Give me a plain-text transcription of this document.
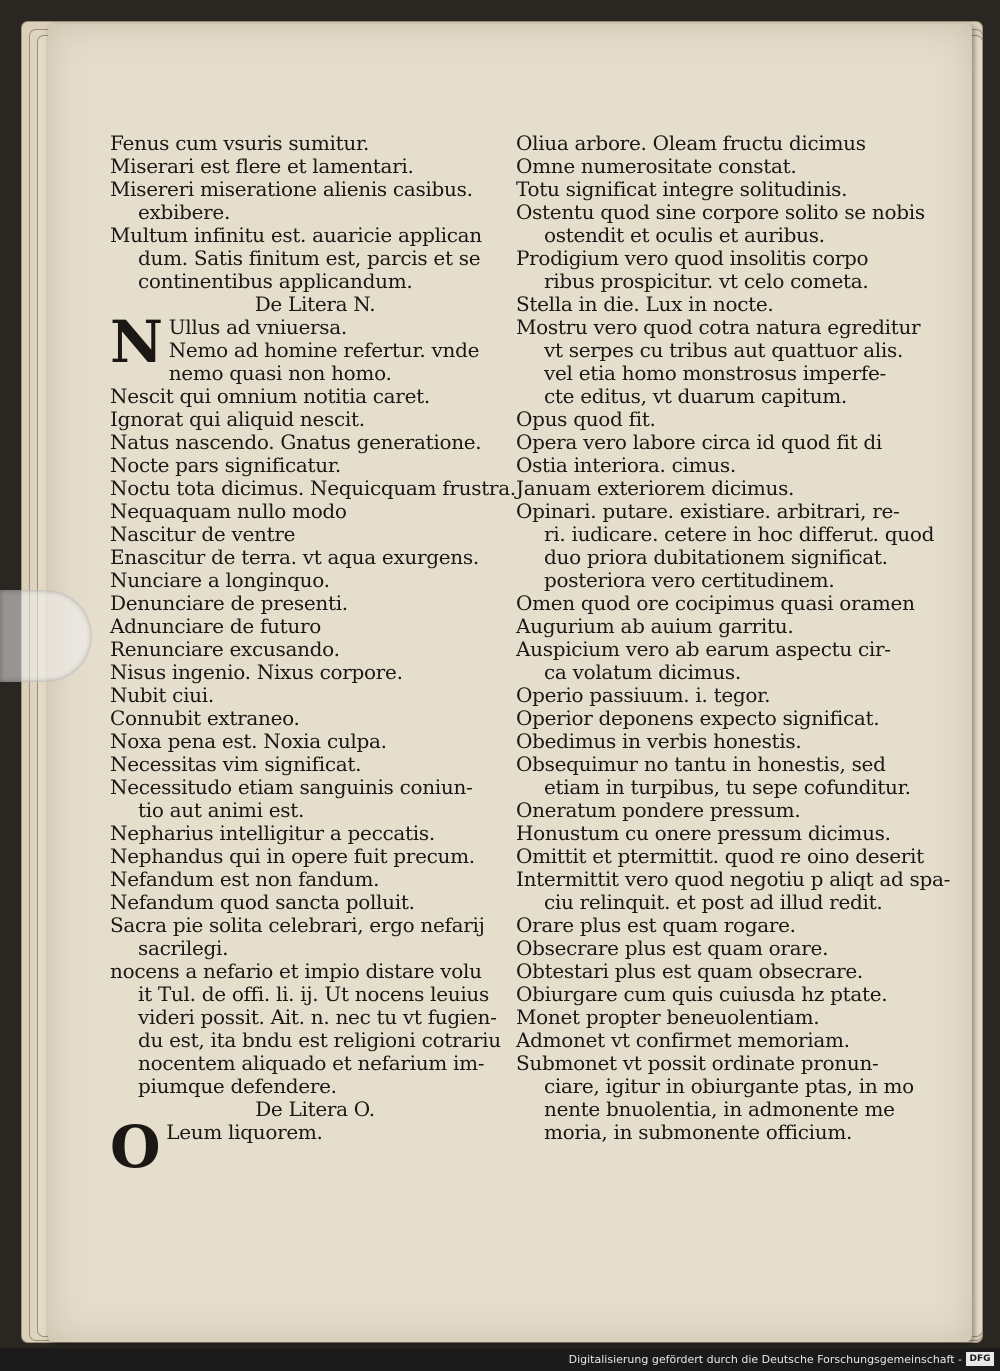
Fenus cum vsuris sumitur.
Miserari est flere et lamentari.
Misereri miseratione alienis casibus.
exbibere.
Multum infinitu est. auaricie applican
dum. Satis finitum est, parcis et se
continentibus applicandum.
De Litera N.
N Ullus ad vniuersa.
Nemo ad homine refertur. vnde
nemo quasi non homo.
Nescit qui omnium notitia caret.
Ignorat qui aliquid nescit.
Natus nascendo. Gnatus generatione.
Nocte pars significatur.
Noctu tota dicimus. Nequicquam frustra.
Nequaquam nullo modo
Nascitur de ventre
Enascitur de terra. vt aqua exurgens.
Nunciare a longinquo.
Denunciare de presenti.
Adnunciare de futuro
Renunciare excusando.
Nisus ingenio. Nixus corpore.
Nubit ciui.
Connubit extraneo.
Noxa pena est. Noxia culpa.
Necessitas vim significat.
Necessitudo etiam sanguinis coniun-
tio aut animi est.
Nepharius intelligitur a peccatis.
Nephandus qui in opere fuit precum.
Nefandum est non fandum.
Nefandum quod sancta polluit.
Sacra pie solita celebrari, ergo nefarij
sacrilegi.
nocens a nefario et impio distare volu
it Tul. de offi. li. ij. Ut nocens leuius
videri possit. Ait. n. nec tu vt fugien-
du est, ita bndu est religioni cotrariu
nocentem aliquado et nefarium im-
piumque defendere.
De Litera O.
O Leum liquorem.
Oliua arbore. Oleam fructu dicimus
Omne numerositate constat.
Totu significat integre solitudinis.
Ostentu quod sine corpore solito se nobis
ostendit et oculis et auribus.
Prodigium vero quod insolitis corpo
ribus prospicitur. vt celo cometa.
Stella in die. Lux in nocte.
Mostru vero quod cotra natura egreditur
vt serpes cu tribus aut quattuor alis.
vel etia homo monstrosus imperfe-
cte editus, vt duarum capitum.
Opus quod fit.
Opera vero labore circa id quod fit di
Ostia interiora. cimus.
Januam exteriorem dicimus.
Opinari. putare. existiare. arbitrari, re-
ri. iudicare. cetere in hoc differut. quod
duo priora dubitationem significat.
posteriora vero certitudinem.
Omen quod ore cocipimus quasi oramen
Augurium ab auium garritu.
Auspicium vero ab earum aspectu cir-
ca volatum dicimus.
Operio passiuum. i. tegor.
Operior deponens expecto significat.
Obedimus in verbis honestis.
Obsequimur no tantu in honestis, sed
etiam in turpibus, tu sepe cofunditur.
Oneratum pondere pressum.
Honustum cu onere pressum dicimus.
Omittit et ptermittit. quod re oino deserit
Intermittit vero quod negotiu p aliqt ad spa-
ciu relinquit. et post ad illud redit.
Orare plus est quam rogare.
Obsecrare plus est quam orare.
Obtestari plus est quam obsecrare.
Obiurgare cum quis cuiusda hz ptate.
Monet propter beneuolentiam.
Admonet vt confirmet memoriam.
Submonet vt possit ordinate pronun-
ciare, igitur in obiurgante ptas, in mo
nente bnuolentia, in admonente me
moria, in submonente officium.
Digitalisierung gefördert durch die Deutsche Forschungsgemeinschaft - DFG
